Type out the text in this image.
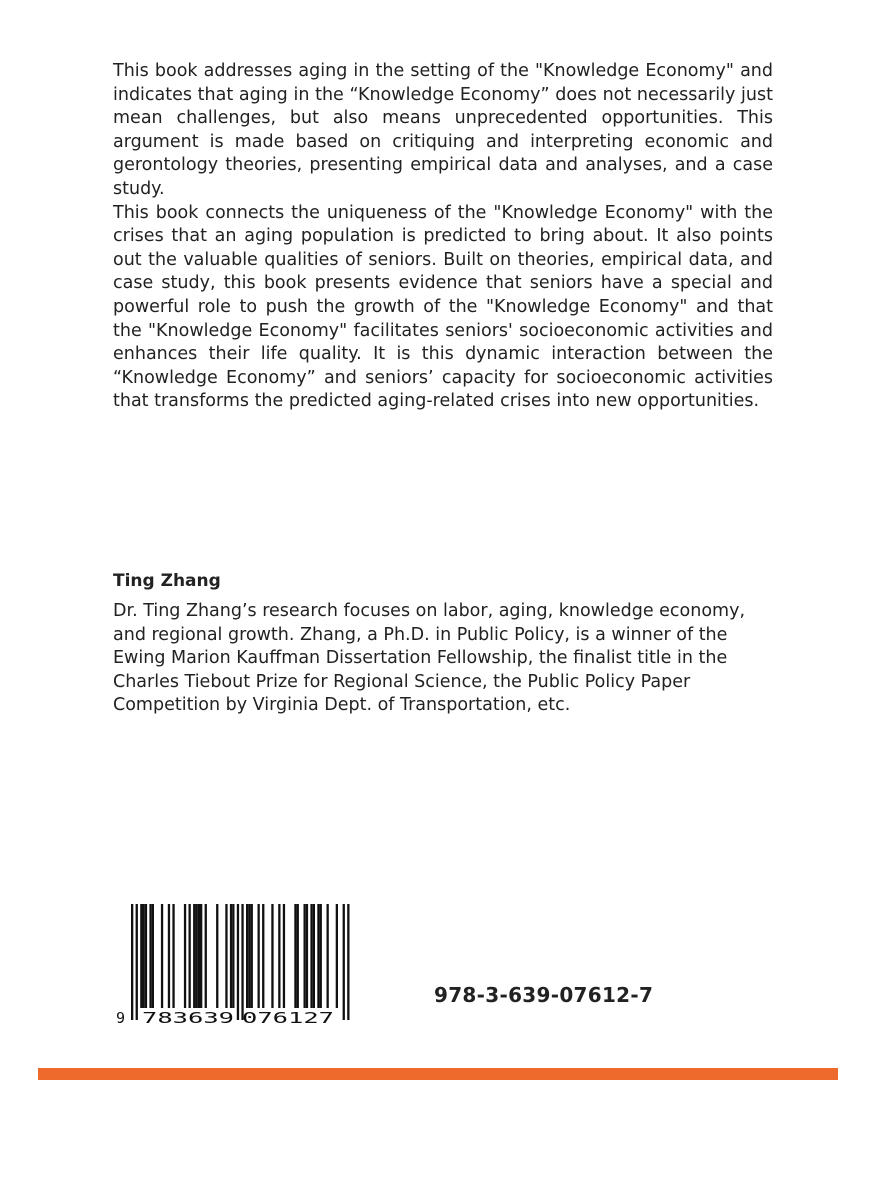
This book addresses aging in the setting of the "Knowledge Economy" and indicates that aging in the “Knowledge Economy” does not necessarily just mean challenges, but also means unprecedented opportunities. This argument is made based on critiquing and interpreting economic and gerontology theories, presenting empirical data and analyses, and a case study.

This book connects the uniqueness of the "Knowledge Economy" with the crises that an aging population is predicted to bring about. It also points out the valuable qualities of seniors. Built on theories, empirical data, and case study, this book presents evidence that seniors have a special and powerful role to push the growth of the "Knowledge Economy" and that the "Knowledge Economy" facilitates seniors' socioeconomic activities and enhances their life quality. It is this dynamic interaction between the “Knowledge Economy” and seniors’ capacity for socioeconomic activities that transforms the predicted aging-related crises into new opportunities.

Ting Zhang

Dr. Ting Zhang’s research focuses on labor, aging, knowledge economy, and regional growth. Zhang, a Ph.D. in Public Policy, is a winner of the Ewing Marion Kauffman Dissertation Fellowship, the finalist title in the Charles Tiebout Prize for Regional Science, the Public Policy Paper Competition by Virginia Dept. of Transportation, etc.

9 783639 076127
978-3-639-07612-7
